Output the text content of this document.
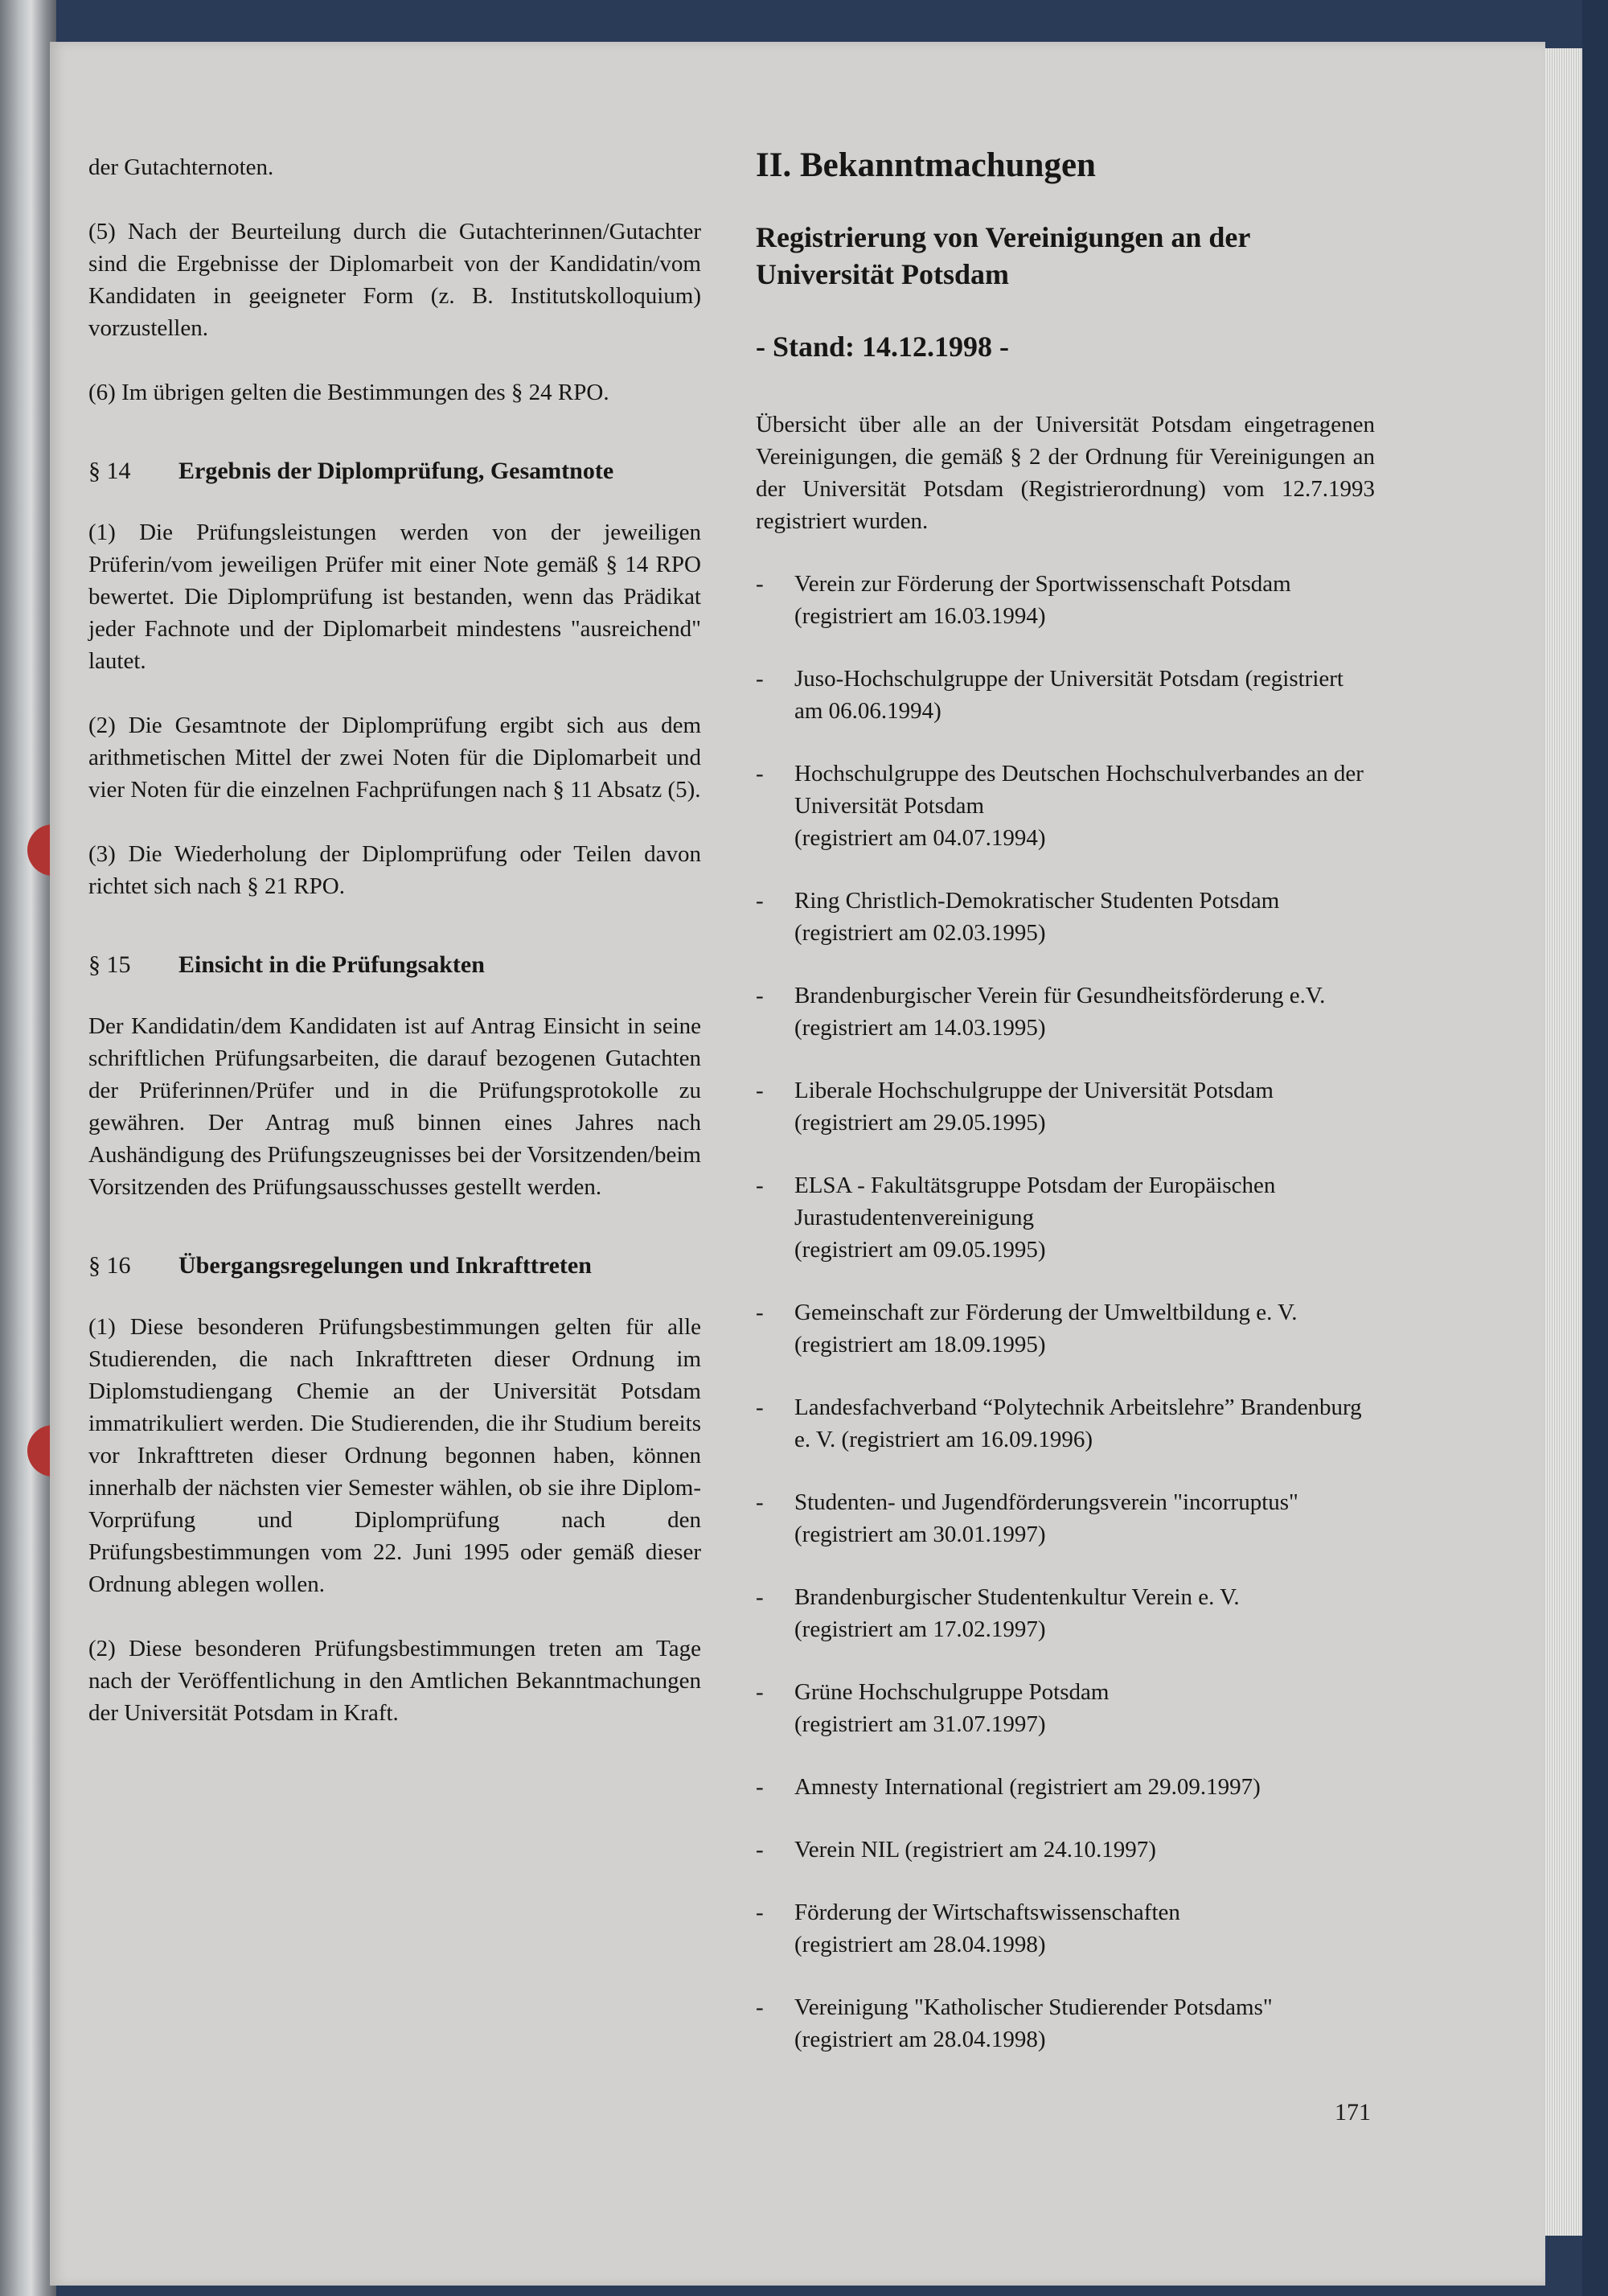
der Gutachternoten.

(5) Nach der Beurteilung durch die Gutachterinnen/Gutachter sind die Ergebnisse der Diplomarbeit von der Kandidatin/vom Kandidaten in geeigneter Form (z. B. Institutskolloquium) vorzustellen.

(6) Im übrigen gelten die Bestimmungen des § 24 RPO.

§ 14	Ergebnis der Diplomprüfung, Gesamtnote

(1) Die Prüfungsleistungen werden von der jeweiligen Prüferin/vom jeweiligen Prüfer mit einer Note gemäß § 14 RPO bewertet. Die Diplomprüfung ist bestanden, wenn das Prädikat jeder Fachnote und der Diplomarbeit mindestens "ausreichend" lautet.

(2) Die Gesamtnote der Diplomprüfung ergibt sich aus dem arithmetischen Mittel der zwei Noten für die Diplomarbeit und vier Noten für die einzelnen Fachprüfungen nach § 11 Absatz (5).

(3) Die Wiederholung der Diplomprüfung oder Teilen davon richtet sich nach § 21 RPO.

§ 15	Einsicht in die Prüfungsakten

Der Kandidatin/dem Kandidaten ist auf Antrag Einsicht in seine schriftlichen Prüfungsarbeiten, die darauf bezogenen Gutachten der Prüferinnen/Prüfer und in die Prüfungsprotokolle zu gewähren. Der Antrag muß binnen eines Jahres nach Aushändigung des Prüfungszeugnisses bei der Vorsitzenden/beim Vorsitzenden des Prüfungsausschusses gestellt werden.

§ 16	Übergangsregelungen und Inkrafttreten

(1) Diese besonderen Prüfungsbestimmungen gelten für alle Studierenden, die nach Inkrafttreten dieser Ordnung im Diplomstudiengang Chemie an der Universität Potsdam immatrikuliert werden. Die Studierenden, die ihr Studium bereits vor Inkrafttreten dieser Ordnung begonnen haben, können innerhalb der nächsten vier Semester wählen, ob sie ihre Diplom-Vorprüfung und Diplomprüfung nach den Prüfungsbestimmungen vom 22. Juni 1995 oder gemäß dieser Ordnung ablegen wollen.

(2) Diese besonderen Prüfungsbestimmungen treten am Tage nach der Veröffentlichung in den Amtlichen Bekanntmachungen der Universität Potsdam in Kraft.

II. Bekanntmachungen
Registrierung von Vereinigungen an der Universität Potsdam
- Stand: 14.12.1998 -

Übersicht über alle an der Universität Potsdam eingetragenen Vereinigungen, die gemäß § 2 der Ordnung für Vereinigungen an der Universität Potsdam (Registrierordnung) vom 12.7.1993 registriert wurden.

-	Verein zur Förderung der Sportwissenschaft Potsdam
(registriert am 16.03.1994)
-	Juso-Hochschulgruppe der Universität Potsdam (registriert am 06.06.1994)
-	Hochschulgruppe des Deutschen Hochschulverbandes an der Universität Potsdam
(registriert am 04.07.1994)
-	Ring Christlich-Demokratischer Studenten Potsdam
(registriert am 02.03.1995)
-	Brandenburgischer Verein für Gesundheitsförderung e.V. (registriert am 14.03.1995)
-	Liberale Hochschulgruppe der Universität Potsdam
(registriert am 29.05.1995)
-	ELSA - Fakultätsgruppe Potsdam der Europäischen Jurastudentenvereinigung
(registriert am 09.05.1995)
-	Gemeinschaft zur Förderung der Umweltbildung e. V.
(registriert am 18.09.1995)
-	Landesfachverband “Polytechnik Arbeitslehre” Brandenburg e. V. (registriert am 16.09.1996)
-	Studenten- und Jugendförderungsverein "incorruptus"
(registriert am 30.01.1997)
-	Brandenburgischer Studentenkultur Verein e. V.
(registriert am 17.02.1997)
-	Grüne Hochschulgruppe Potsdam
(registriert am 31.07.1997)
-	Amnesty International (registriert am 29.09.1997)
-	Verein NIL (registriert am 24.10.1997)
-	Förderung der Wirtschaftswissenschaften
(registriert am 28.04.1998)
-	Vereinigung "Katholischer Studierender Potsdams"
(registriert am 28.04.1998)
171
